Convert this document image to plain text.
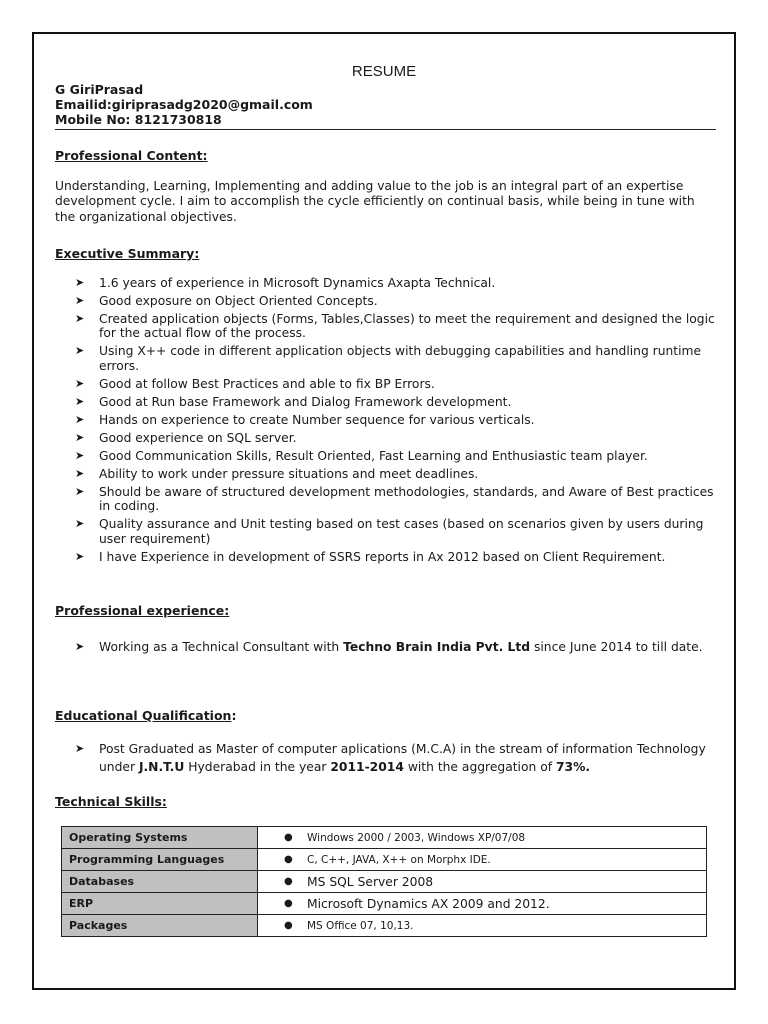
RESUME
G GiriPrasad
Emailid:giriprasadg2020@gmail.com
Mobile No: 8121730818
Professional Content:
Understanding, Learning, Implementing and adding value to the job is an integral part of an expertise development cycle. I aim to accomplish the cycle efficiently on continual basis, while being in tune with the organizational objectives.
Executive Summary:
➤ 1.6 years of experience in Microsoft Dynamics Axapta Technical.
➤ Good exposure on Object Oriented Concepts.
➤ Created application objects (Forms, Tables,Classes) to meet the requirement and designed the logic for the actual flow of the process.
➤ Using X++ code in different application objects with debugging capabilities and handling runtime errors.
➤ Good at follow Best Practices and able to fix BP Errors.
➤ Good at Run base Framework and Dialog Framework development.
➤ Hands on experience to create Number sequence for various verticals.
➤ Good experience on SQL server.
➤ Good Communication Skills, Result Oriented, Fast Learning and Enthusiastic team player.
➤ Ability to work under pressure situations and meet deadlines.
➤ Should be aware of structured development methodologies, standards, and Aware of Best practices in coding.
➤ Quality assurance and Unit testing based on test cases (based on scenarios given by users during user requirement)
➤ I have Experience in development of SSRS reports in Ax 2012 based on Client Requirement.
Professional experience:
➤ Working as a Technical Consultant with Techno Brain India Pvt. Ltd since June 2014 to till date.
Educational Qualification:
➤ Post Graduated as Master of computer aplications (M.C.A) in the stream of information Technology under J.N.T.U Hyderabad in the year 2011-2014 with the aggregation of 73%.
Technical Skills:
Operating Systems	● Windows 2000 / 2003, Windows XP/07/08
Programming Languages	● C, C++, JAVA, X++ on Morphx IDE.
Databases	● MS SQL Server 2008
ERP	● Microsoft Dynamics AX 2009 and 2012.
Packages	● MS Office 07, 10,13.
